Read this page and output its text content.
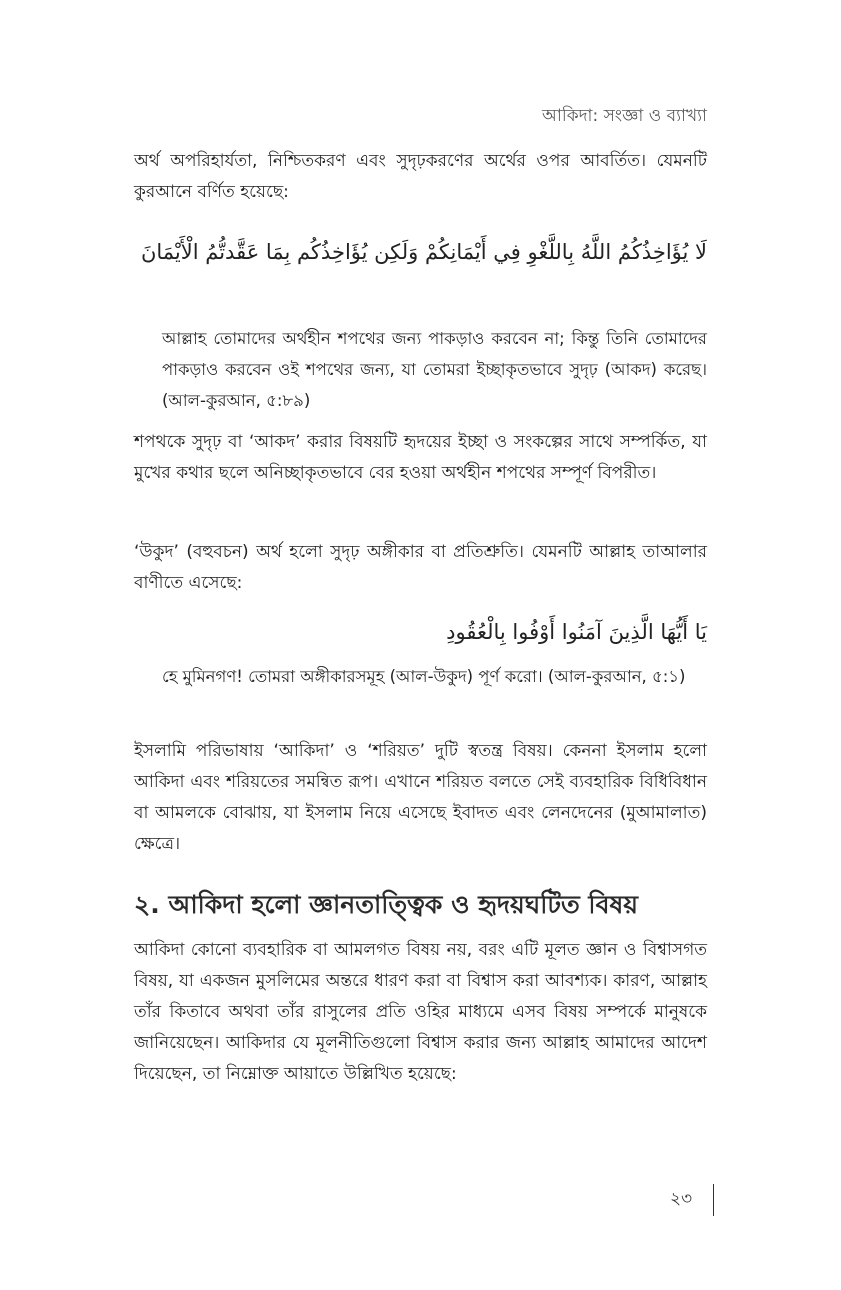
আকিদা: সংজ্ঞা ও ব্যাখ্যা

অর্থ অপরিহার্যতা, নিশ্চিতকরণ এবং সুদৃঢ়করণের অর্থের ওপর আবর্তিত। যেমনটি কুরআনে বর্ণিত হয়েছে:

لَا يُؤَاخِذُكُمُ اللَّهُ بِاللَّغْوِ فِي أَيْمَانِكُمْ وَلَكِن يُؤَاخِذُكُم بِمَا عَقَّدتُّمُ الْأَيْمَانَ

আল্লাহ তোমাদের অর্থহীন শপথের জন্য পাকড়াও করবেন না; কিন্তু তিনি তোমাদের পাকড়াও করবেন ওই শপথের জন্য, যা তোমরা ইচ্ছাকৃতভাবে সুদৃঢ় (আকদ) করেছ। (আল-কুরআন, ৫:৮৯)

শপথকে সুদৃঢ় বা ‘আকদ’ করার বিষয়টি হৃদয়ের ইচ্ছা ও সংকল্পের সাথে সম্পর্কিত, যা মুখের কথার ছলে অনিচ্ছাকৃতভাবে বের হওয়া অর্থহীন শপথের সম্পূর্ণ বিপরীত।

‘উকুদ’ (বহুবচন) অর্থ হলো সুদৃঢ় অঙ্গীকার বা প্রতিশ্রুতি। যেমনটি আল্লাহ তাআলার বাণীতে এসেছে:

يَا أَيُّهَا الَّذِينَ آمَنُوا أَوْفُوا بِالْعُقُودِ

হে মুমিনগণ! তোমরা অঙ্গীকারসমূহ (আল-উকুদ) পূর্ণ করো। (আল-কুরআন, ৫:১)

ইসলামি পরিভাষায় ‘আকিদা’ ও ‘শরিয়ত’ দুটি স্বতন্ত্র বিষয়। কেননা ইসলাম হলো আকিদা এবং শরিয়তের সমন্বিত রূপ। এখানে শরিয়ত বলতে সেই ব্যবহারিক বিধিবিধান বা আমলকে বোঝায়, যা ইসলাম নিয়ে এসেছে ইবাদত এবং লেনদেনের (মুআমালাত) ক্ষেত্রে।

২. আকিদা হলো জ্ঞানতাত্ত্বিক ও হৃদয়ঘটিত বিষয়

আকিদা কোনো ব্যবহারিক বা আমলগত বিষয় নয়, বরং এটি মূলত জ্ঞান ও বিশ্বাসগত বিষয়, যা একজন মুসলিমের অন্তরে ধারণ করা বা বিশ্বাস করা আবশ্যক। কারণ, আল্লাহ তাঁর কিতাবে অথবা তাঁর রাসুলের প্রতি ওহির মাধ্যমে এসব বিষয় সম্পর্কে মানুষকে জানিয়েছেন। আকিদার যে মূলনীতিগুলো বিশ্বাস করার জন্য আল্লাহ আমাদের আদেশ দিয়েছেন, তা নিম্নোক্ত আয়াতে উল্লিখিত হয়েছে:

২৩
